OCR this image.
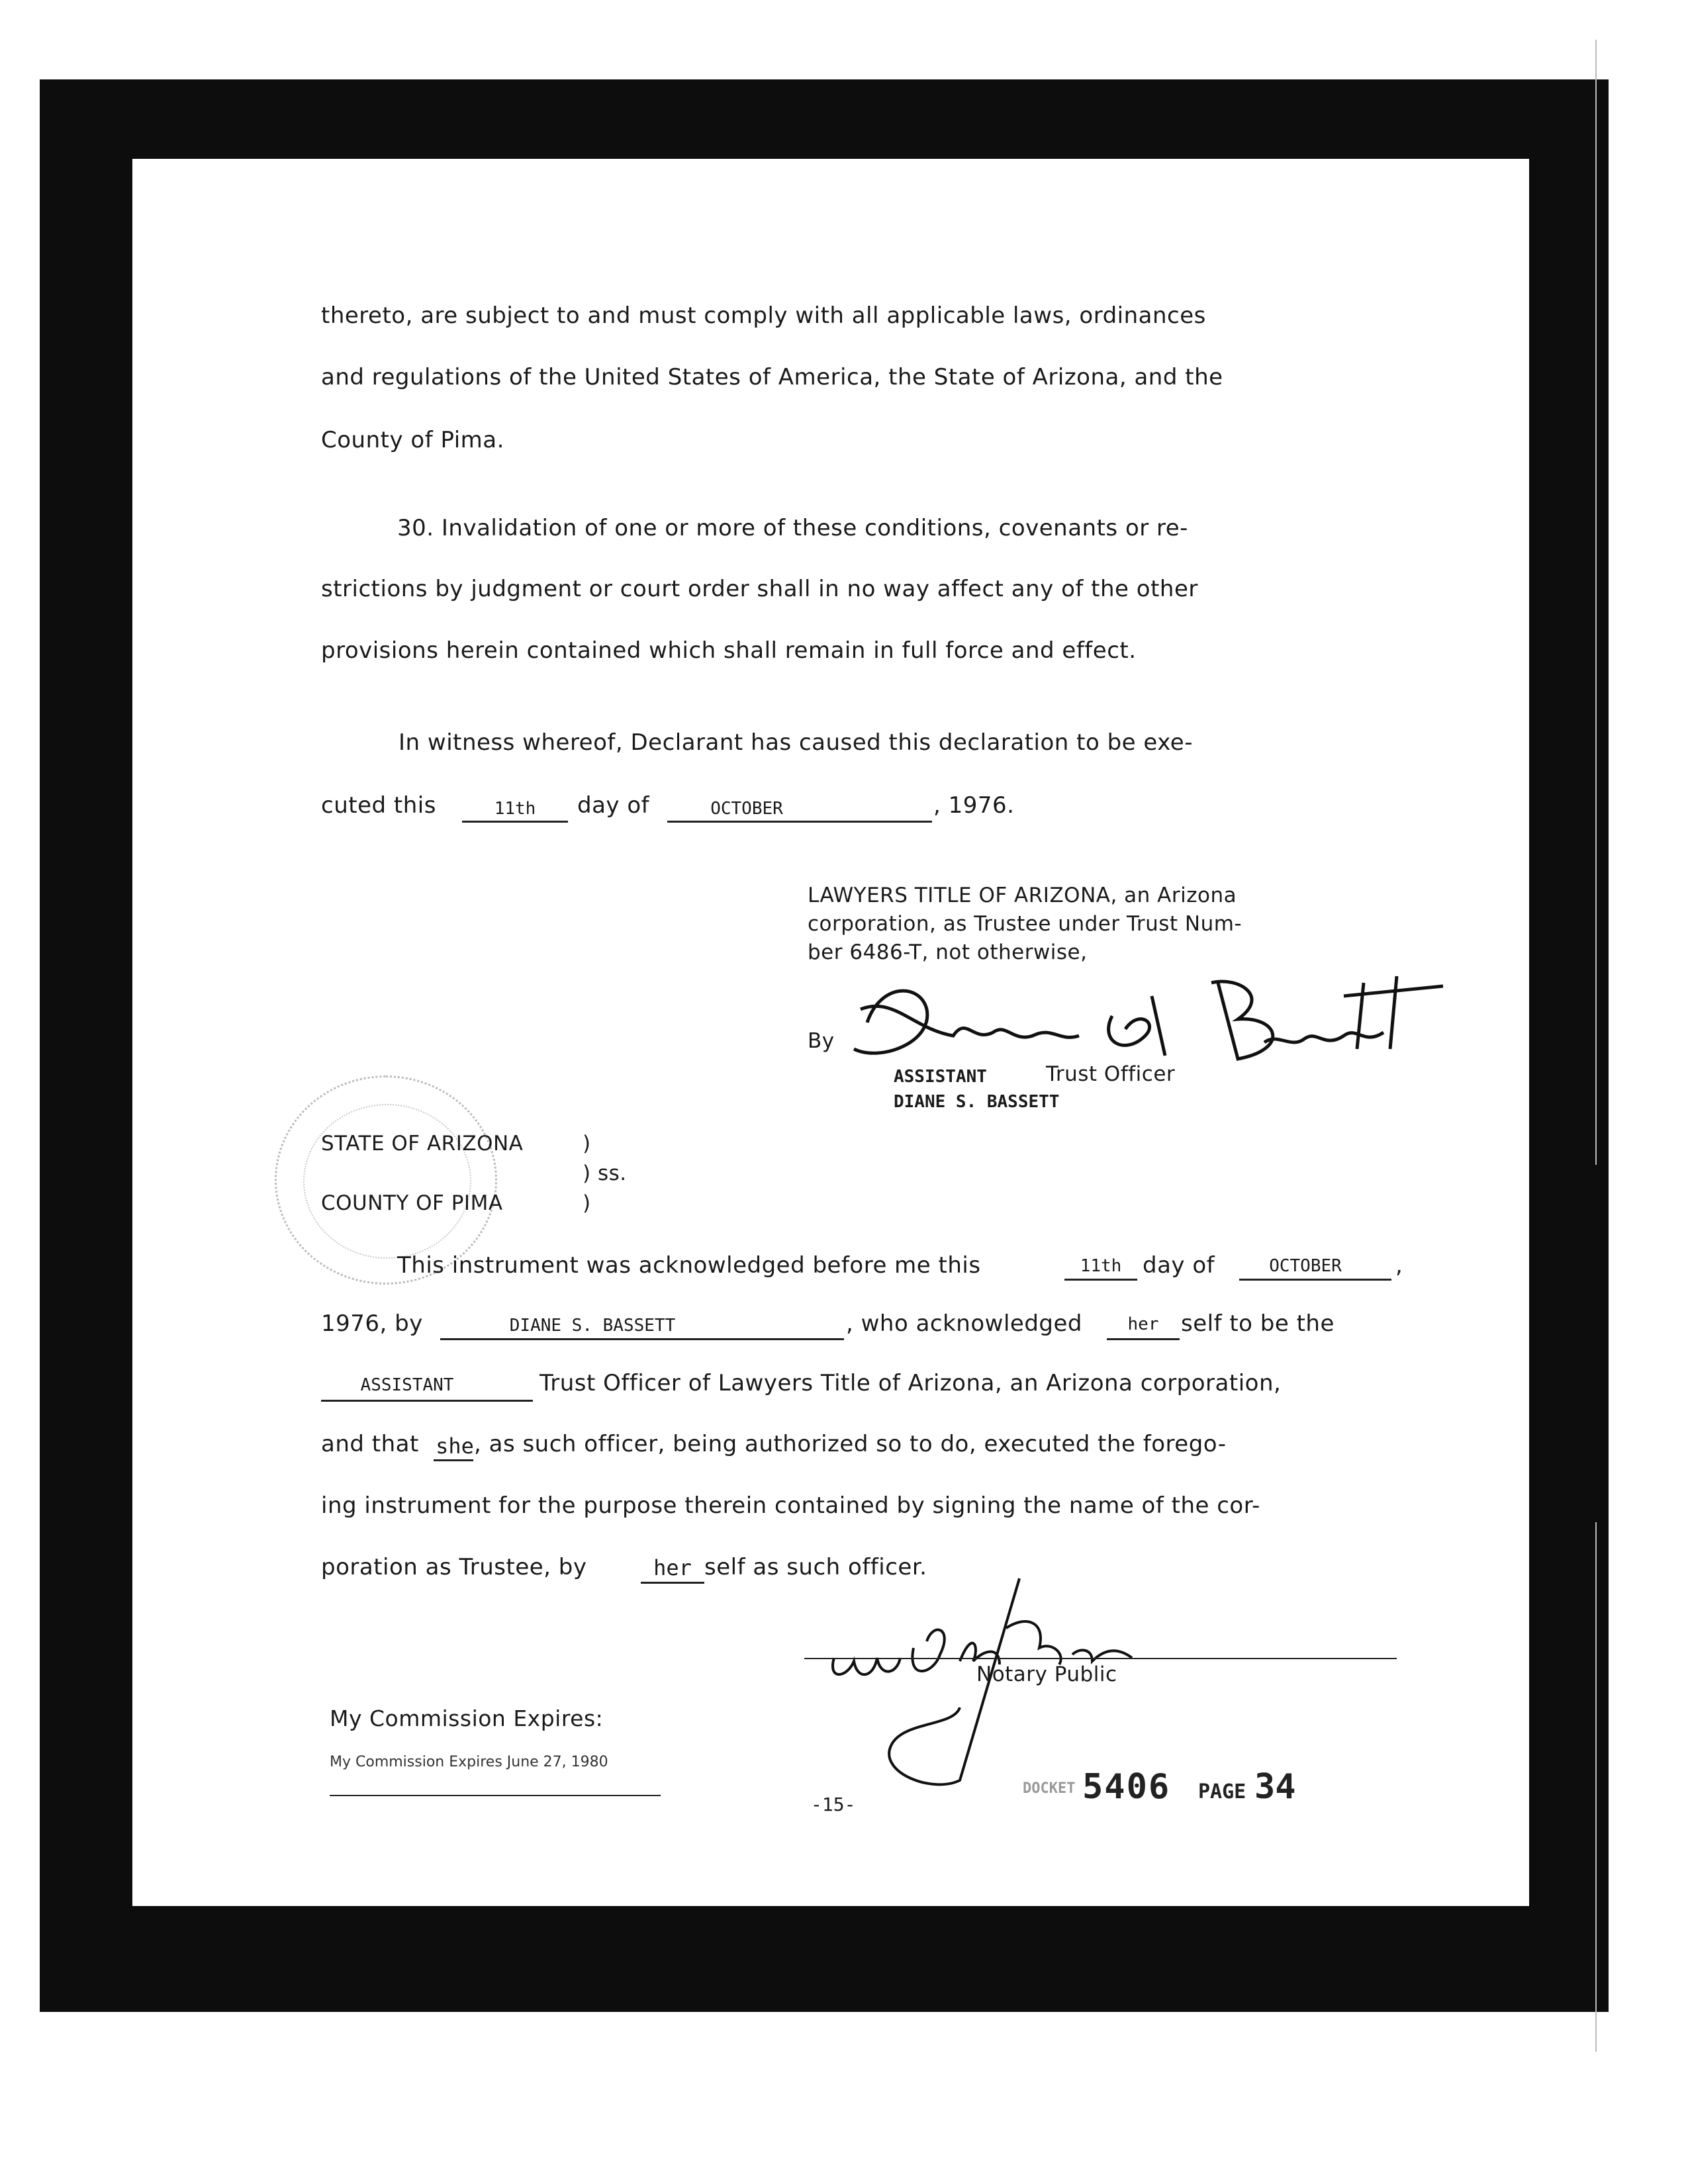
thereto, are subject to and must comply with all applicable laws, ordinances
and regulations of the United States of America, the State of Arizona, and the
County of Pima.
30. Invalidation of one or more of these conditions, covenants or re-
strictions by judgment or court order shall in no way affect any of the other
provisions herein contained which shall remain in full force and effect.
In witness whereof, Declarant has caused this declaration to be exe-
cuted this	11th	day of	OCTOBER	, 1976.
LAWYERS TITLE OF ARIZONA, an Arizona
corporation, as Trustee under Trust Num-
ber 6486-T, not otherwise,
By
ASSISTANT	Trust Officer
DIANE S. BASSETT
STATE OF ARIZONA	)
) ss.
COUNTY OF PIMA	)
This instrument was acknowledged before me this	11th day of	OCTOBER	,
1976, by	DIANE S. BASSETT	, who acknowledged	her self to be the
ASSISTANT	Trust Officer of Lawyers Title of Arizona, an Arizona corporation,
and that she , as such officer, being authorized so to do, executed the forego-
ing instrument for the purpose therein contained by signing the name of the cor-
poration as Trustee, by	her self as such officer.
Notary Public
My Commission Expires:
My Commission Expires June 27, 1980
-15-
DOCKET 5406 PAGE 34
